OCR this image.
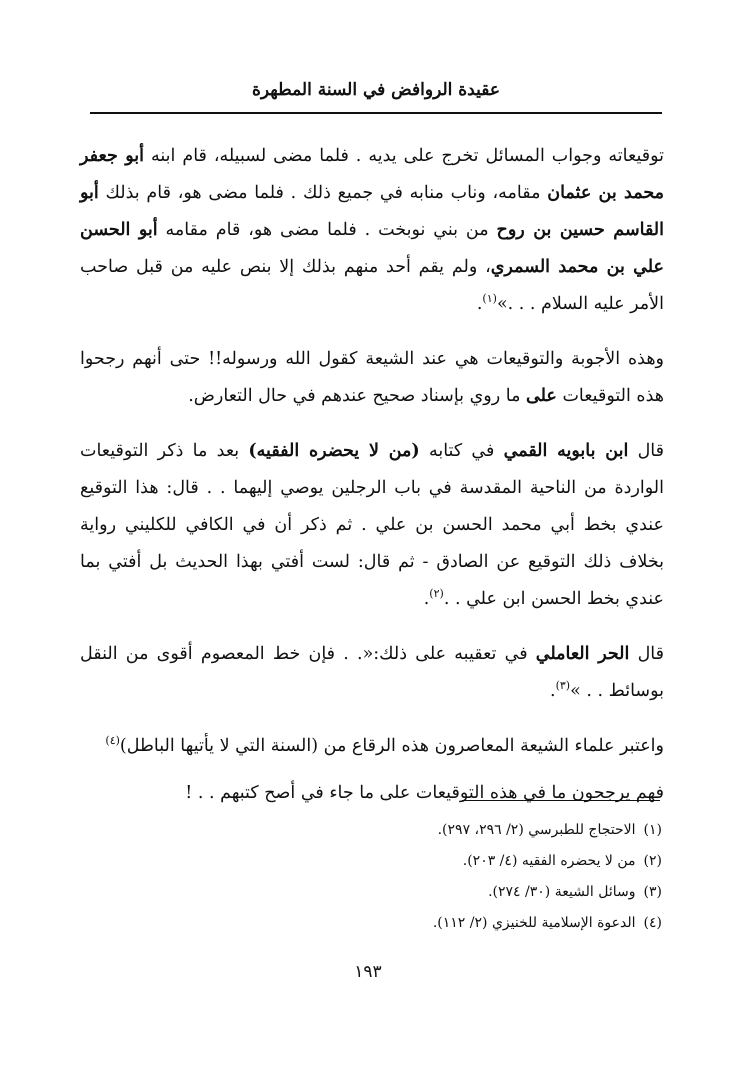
عقيدة الروافض في السنة المطهرة

توقيعاته وجواب المسائل تخرج على يديه . فلما مضى لسبيله، قام ابنه أبو جعفر محمد بن عثمان مقامه، وناب منابه في جميع ذلك . فلما مضى هو، قام بذلك أبو القاسم حسين بن روح من بني نوبخت . فلما مضى هو، قام مقامه أبو الحسن علي بن محمد السمري، ولم يقم أحد منهم بذلك إلا بنص عليه من قبل صاحب الأمر عليه السلام . . .»$^{(١)}$.

وهذه الأجوبة والتوقيعات هي عند الشيعة كقول الله ورسوله!! حتى أنهم رجحوا هذه التوقيعات على ما روي بإسناد صحيح عندهم في حال التعارض.

قال ابن بابويه القمي في كتابه (من لا يحضره الفقيه) بعد ما ذكر التوقيعات الواردة من الناحية المقدسة في باب الرجلين يوصي إليهما . . قال: هذا التوقيع عندي بخط أبي محمد الحسن بن علي . ثم ذكر أن في الكافي للكليني رواية بخلاف ذلك التوقيع عن الصادق - ثم قال: لست أفتي بهذا الحديث بل أفتي بما عندي بخط الحسن ابن علي . .$^{(٢)}$.

قال الحر العاملي في تعقيبه على ذلك:«. . فإن خط المعصوم أقوى من النقل بوسائط . . »$^{(٣)}$.

واعتبر علماء الشيعة المعاصرون هذه الرقاع من (السنة التي لا يأتيها الباطل)$^{(٤)}$

فهم يرجحون ما في هذه التوقيعات على ما جاء في أصح كتبهم . . !

(١)
الاحتجاج للطبرسي (٢/ ٢٩٦، ٢٩٧).
(٢)
من لا يحضره الفقيه (٤/ ٢٠٣).
(٣)
وسائل الشيعة (٣٠/ ٢٧٤).
(٤)
الدعوة الإسلامية للخنيزي (٢/ ١١٢).
١٩٣
